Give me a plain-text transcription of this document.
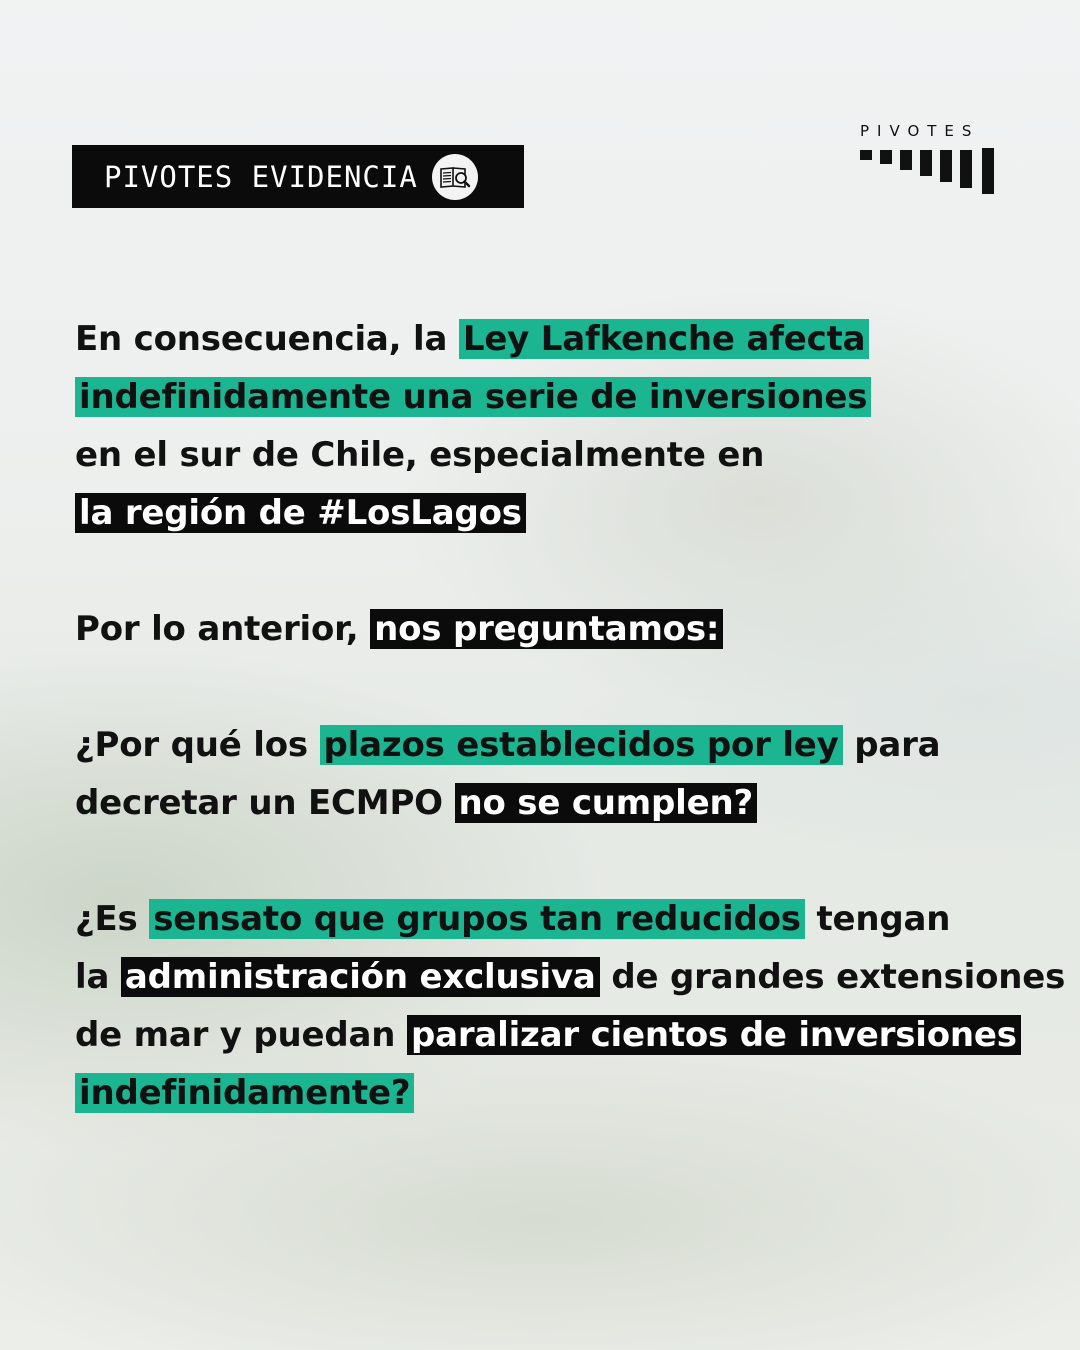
PIVOTES EVIDENCIA
PIVOTES

En consecuencia, la Ley Lafkenche afecta
indefinidamente una serie de inversiones
en el sur de Chile, especialmente en
la región de #LosLagos

Por lo anterior, nos preguntamos:

¿Por qué los plazos establecidos por ley para
decretar un ECMPO no se cumplen?

¿Es sensato que grupos tan reducidos tengan
la administración exclusiva de grandes extensiones
de mar y puedan paralizar cientos de inversiones
indefinidamente?
